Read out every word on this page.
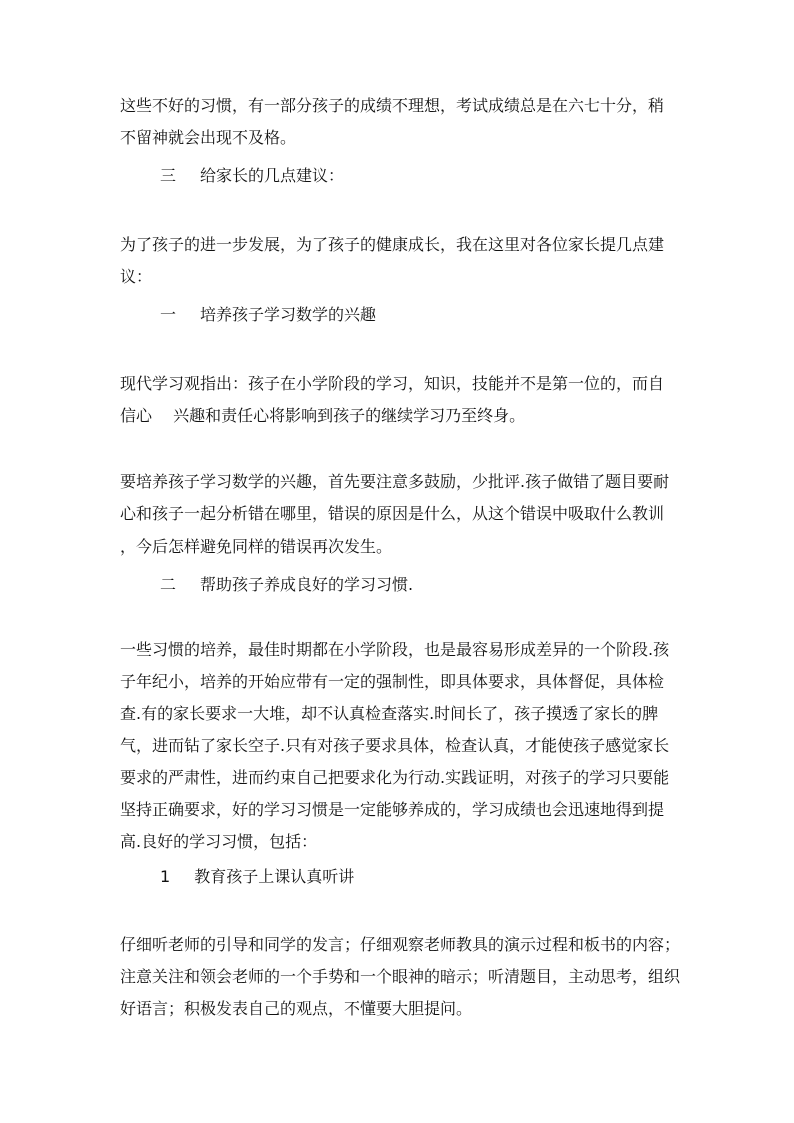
这些不好的习惯，有一部分孩子的成绩不理想，考试成绩总是在六七十分，稍
不留神就会出现不及格。
三 给家长的几点建议：
为了孩子的进一步发展，为了孩子的健康成长，我在这里对各位家长提几点建
议：
一 培养孩子学习数学的兴趣
现代学习观指出：孩子在小学阶段的学习，知识，技能并不是第一位的，而自
信心　 兴趣和责任心将影响到孩子的继续学习乃至终身。
要培养孩子学习数学的兴趣，首先要注意多鼓励，少批评.孩子做错了题目要耐
心和孩子一起分析错在哪里，错误的原因是什么，从这个错误中吸取什么教训
，今后怎样避免同样的错误再次发生。
二 帮助孩子养成良好的学习习惯.
一些习惯的培养，最佳时期都在小学阶段，也是最容易形成差异的一个阶段.孩
子年纪小，培养的开始应带有一定的强制性，即具体要求，具体督促，具体检
查.有的家长要求一大堆，却不认真检查落实.时间长了，孩子摸透了家长的脾
气，进而钻了家长空子.只有对孩子要求具体，检查认真，才能使孩子感觉家长
要求的严肃性，进而约束自己把要求化为行动.实践证明，对孩子的学习只要能
坚持正确要求，好的学习习惯是一定能够养成的，学习成绩也会迅速地得到提
高.良好的学习习惯，包括：
1 教育孩子上课认真听讲
仔细听老师的引导和同学的发言；仔细观察老师教具的演示过程和板书的内容；
注意关注和领会老师的一个手势和一个眼神的暗示；听清题目，主动思考，组织
好语言；积极发表自己的观点，不懂要大胆提问。
